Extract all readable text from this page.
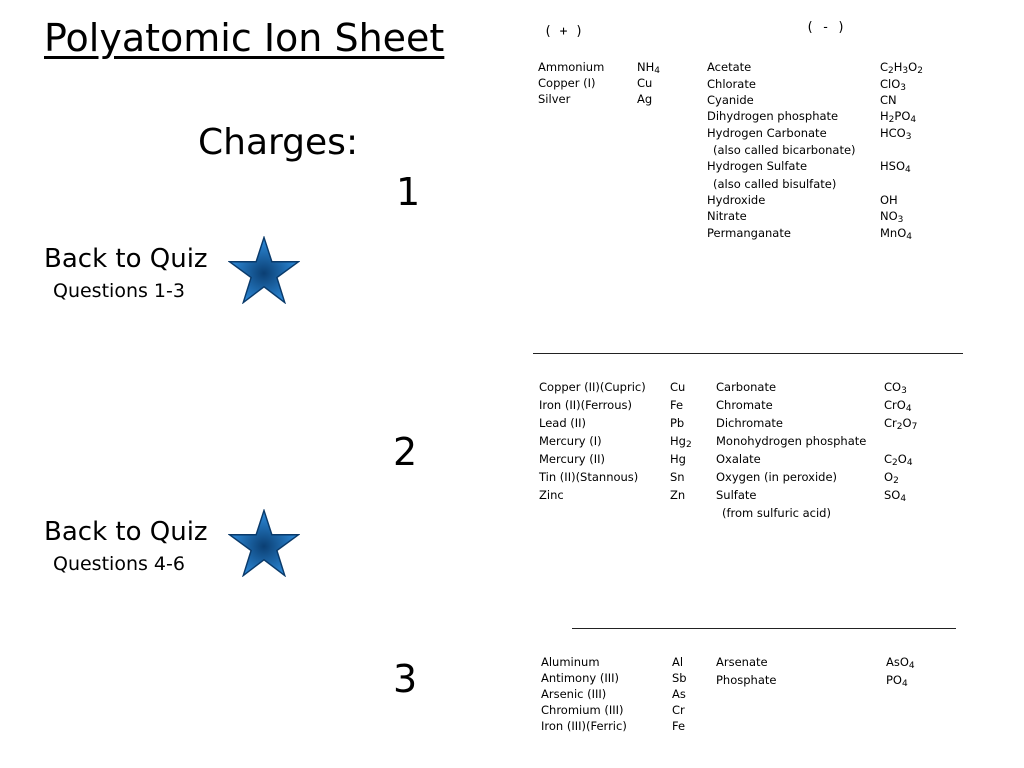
Polyatomic Ion Sheet
Charges:
1
2
3
Back to Quiz
Questions 1-3
Back to Quiz
Questions 4-6
( + )	( - )
Ammonium	$NH_4$
Copper (I)	Cu
Silver	Ag
Acetate	$C_2H_3O_2$
Chlorate	ClO$_3$
Cyanide	CN
Dihydrogen phosphate	$H_2PO_4$
Hydrogen Carbonate	$HCO_3$
(also called bicarbonate)
Hydrogen Sulfate	$HSO_4$
(also called bisulfate)
Hydroxide	OH
Nitrate	$NO_3$
Permanganate	MnO$_4$
Copper (II)(Cupric) Cu
Iron (II)(Ferrous)	Fe
Lead (II)	Pb
Mercury (I)	$Hg_2$
Mercury (II)	Hg
Tin (II)(Stannous)	Sn
Zinc	Zn
Carbonate	$CO_3$
Chromate	CrO$_4$
Dichromate	$Cr_2O_7$
Monohydrogen phosphate
Oxalate	$C_2O_4$
Oxygen (in peroxide)	$O_2$
Sulfate	$SO_4$
(from sulfuric acid)
Aluminum	Al
Antimony (III)	Sb
Arsenic (III)	As
Chromium (III)	Cr
Iron (III)(Ferric)	Fe
Arsenate	AsO$_4$
Phosphate	$PO_4$
